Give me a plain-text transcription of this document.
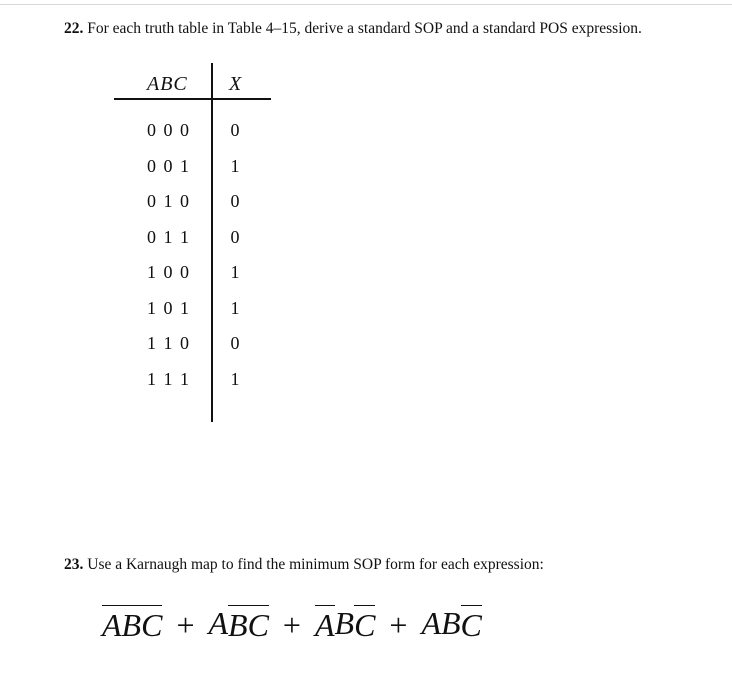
22. For each truth table in Table 4–15, derive a standard SOP and a standard POS expression.
ABC X
0 0 0	0
0 0 1	1
0 1 0	0
0 1 1	0
1 0 0	1
1 0 1	1
1 1 0	0
1 1 1	1
23. Use a Karnaugh map to find the minimum SOP form for each expression:
A B C + A B C + A B C + A B C
